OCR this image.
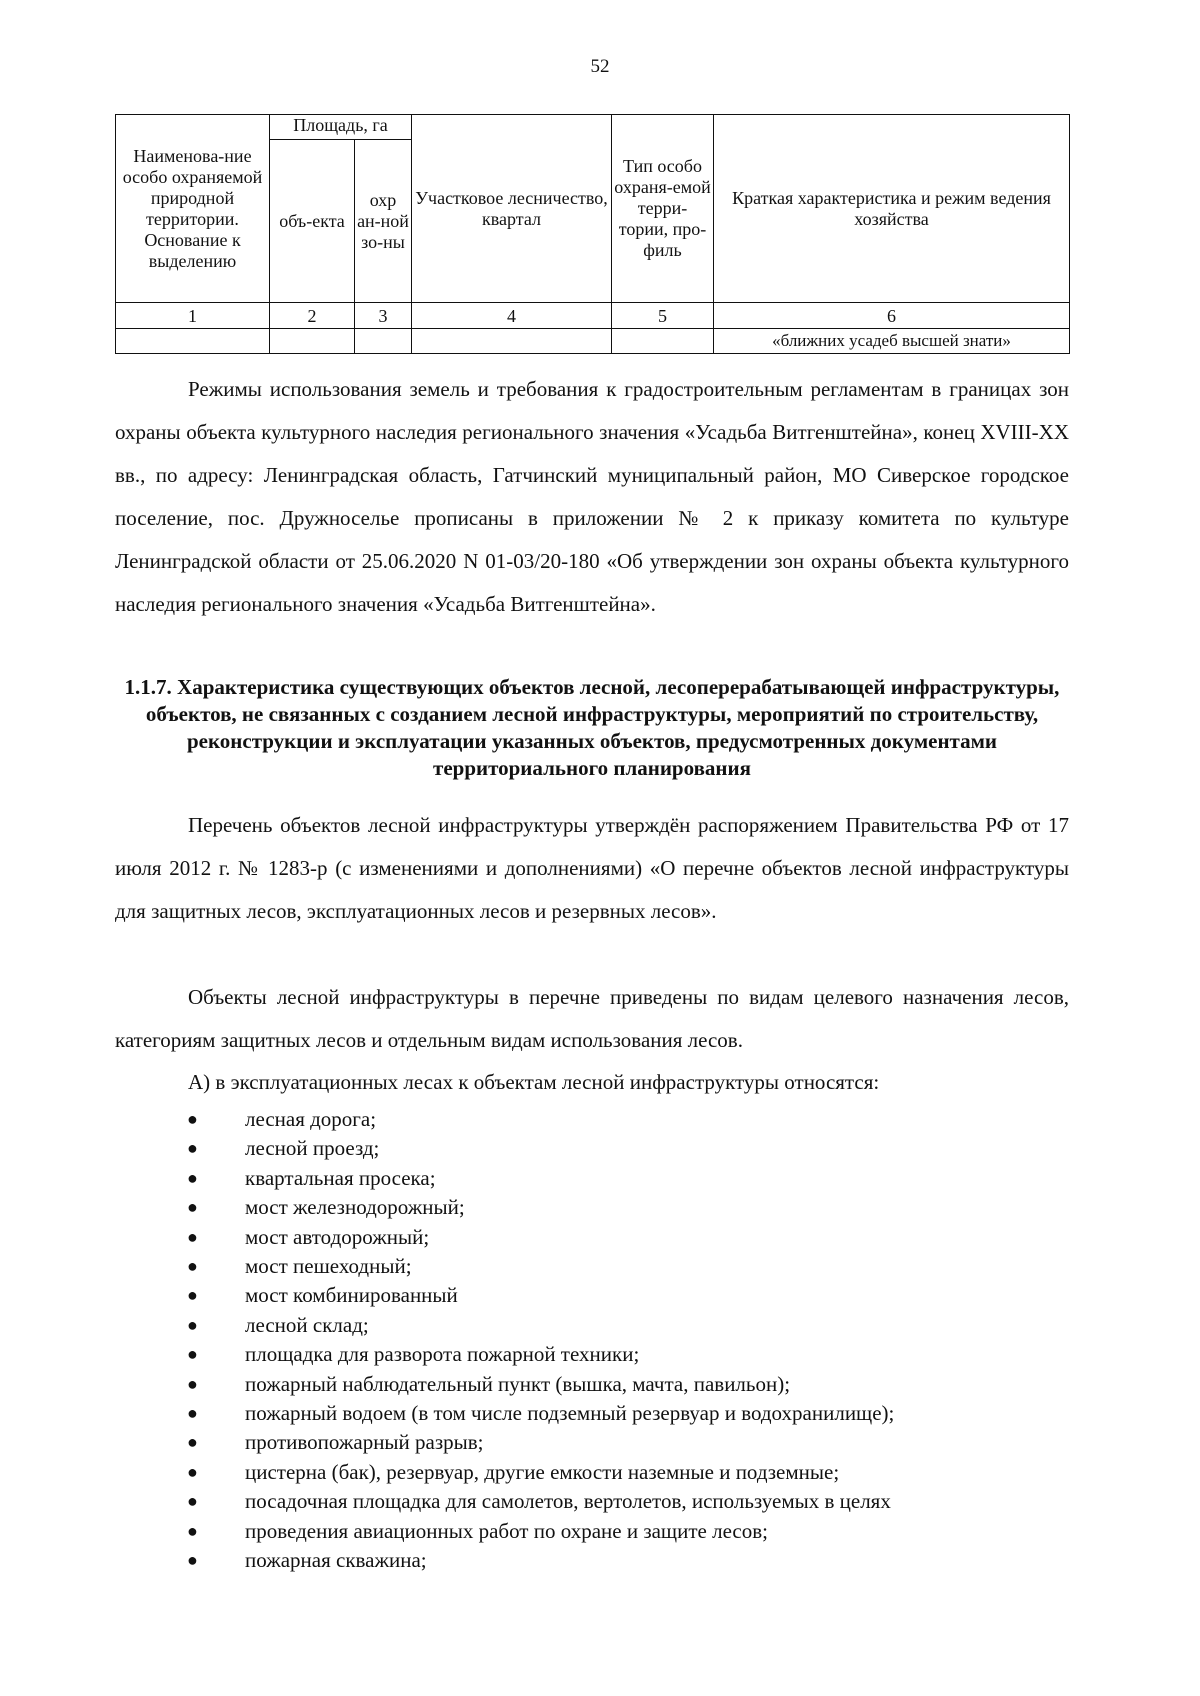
52
Наименова-ние особо охраняемой природной территории. Основание к выделению	Площадь, га		Участковое лесничество, квартал	Тип особо охраня-емой терри-тории, про-филь	Краткая характеристика и режим ведения хозяйства
	объ-екта	охр ан-ной зо-ны			
1	2	3	4	5	6
					«ближних усадеб высшей знати»

Режимы использования земель и требования к градостроительным регламентам в границах зон охраны объекта культурного наследия регионального значения «Усадьба Витгенштейна», конец XVIII-XX вв., по адресу: Ленинградская область, Гатчинский муниципальный район, МО Сиверское городское поселение, пос. Дружноселье прописаны в приложении № 2 к приказу комитета по культуре Ленинградской области от 25.06.2020 N 01-03/20-180 «Об утверждении зон охраны объекта культурного наследия регионального значения «Усадьба Витгенштейна».

1.1.7. Характеристика существующих объектов лесной, лесоперерабатывающей инфраструктуры, объектов, не связанных с созданием лесной инфраструктуры, мероприятий по строительству, реконструкции и эксплуатации указанных объектов, предусмотренных документами территориального планирования

Перечень объектов лесной инфраструктуры утверждён распоряжением Правительства РФ от 17 июля 2012 г. № 1283-р (с изменениями и дополнениями) «О перечне объектов лесной инфраструктуры для защитных лесов, эксплуатационных лесов и резервных лесов».

Объекты лесной инфраструктуры в перечне приведены по видам целевого назначения лесов, категориям защитных лесов и отдельным видам использования лесов.

А) в эксплуатационных лесах к объектам лесной инфраструктуры относятся:

● лесная дорога;
● лесной проезд;
● квартальная просека;
● мост железнодорожный;
● мост автодорожный;
● мост пешеходный;
● мост комбинированный
● лесной склад;
● площадка для разворота пожарной техники;
● пожарный наблюдательный пункт (вышка, мачта, павильон);
● пожарный водоем (в том числе подземный резервуар и водохранилище);
● противопожарный разрыв;
● цистерна (бак), резервуар, другие емкости наземные и подземные;
● посадочная площадка для самолетов, вертолетов, используемых в целях
● проведения авиационных работ по охране и защите лесов;
● пожарная скважина;
